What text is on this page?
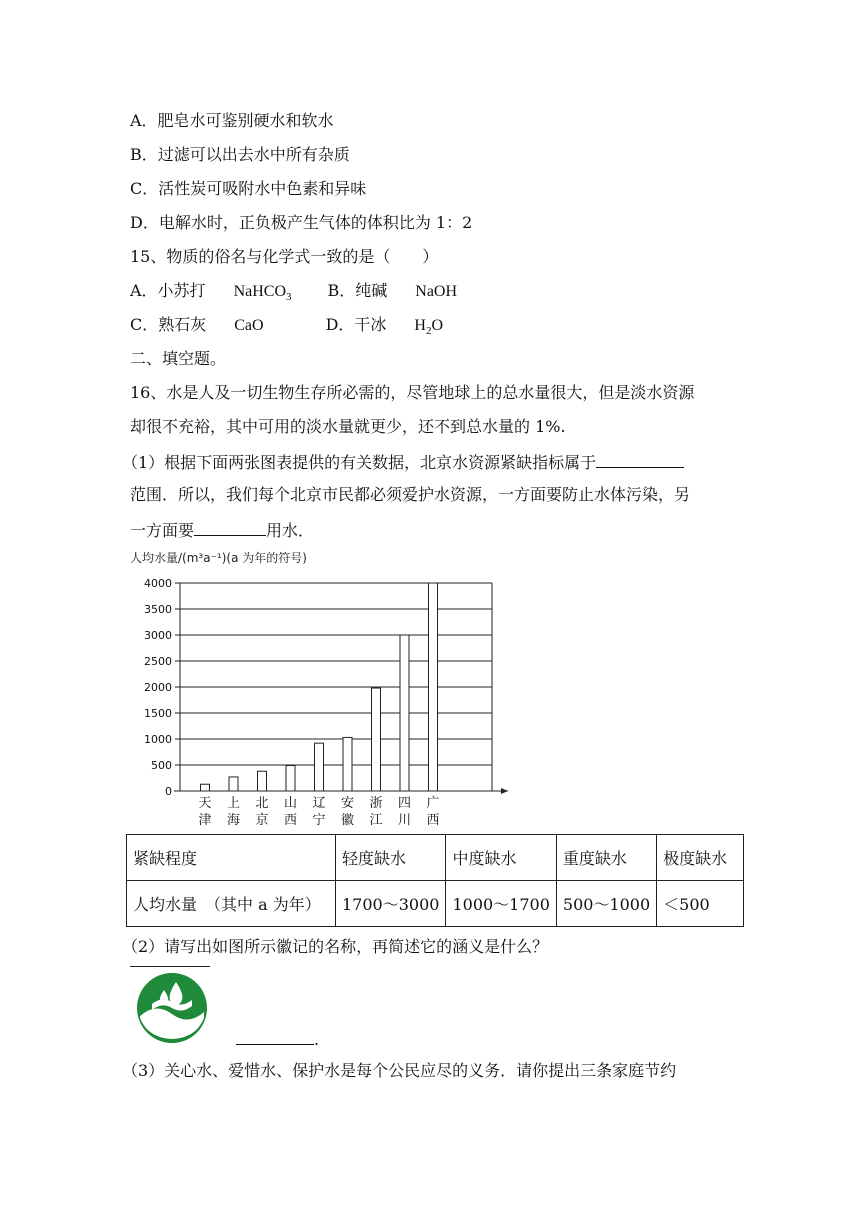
A．肥皂水可鉴别硬水和软水
B．过滤可以出去水中所有杂质
C．活性炭可吸附水中色素和异味
D．电解水时，正负极产生气体的体积比为 1：2
15、物质的俗名与化学式一致的是（　　）
A．小苏打 NaHCO$_3$ B．纯碱 NaOH
C．熟石灰 CaO	D．干冰 $H_2O$
二、填空题。
16、水是人及一切生物生存所必需的，尽管地球上的总水量很大，但是淡水资源
却很不充裕，其中可用的淡水量就更少，还不到总水量的 1%.
（1）根据下面两张图表提供的有关数据，北京水资源紧缺指标属于
范围．所以，我们每个北京市民都必须爱护水资源，一方面要防止水体污染，另
一方面要	用水．
人均水量/(m³a⁻¹)(a 为年的符号)
0
500
1000
1500
2000
2500
3000
3500
4000
天
津
上
海
北
京
山
西
辽
宁
安
徽
浙
江
四
川
广
西
紧缺程度	轻度缺水	中度缺水	重度缺水	极度缺水
人均水量　（其中 a 为年）	1700～3000	1000～1700	500～1000	＜500
（2）请写出如图所示徽记的名称，再简述它的涵义是什么？
.
（3）关心水、爱惜水、保护水是每个公民应尽的义务．请你提出三条家庭节约
